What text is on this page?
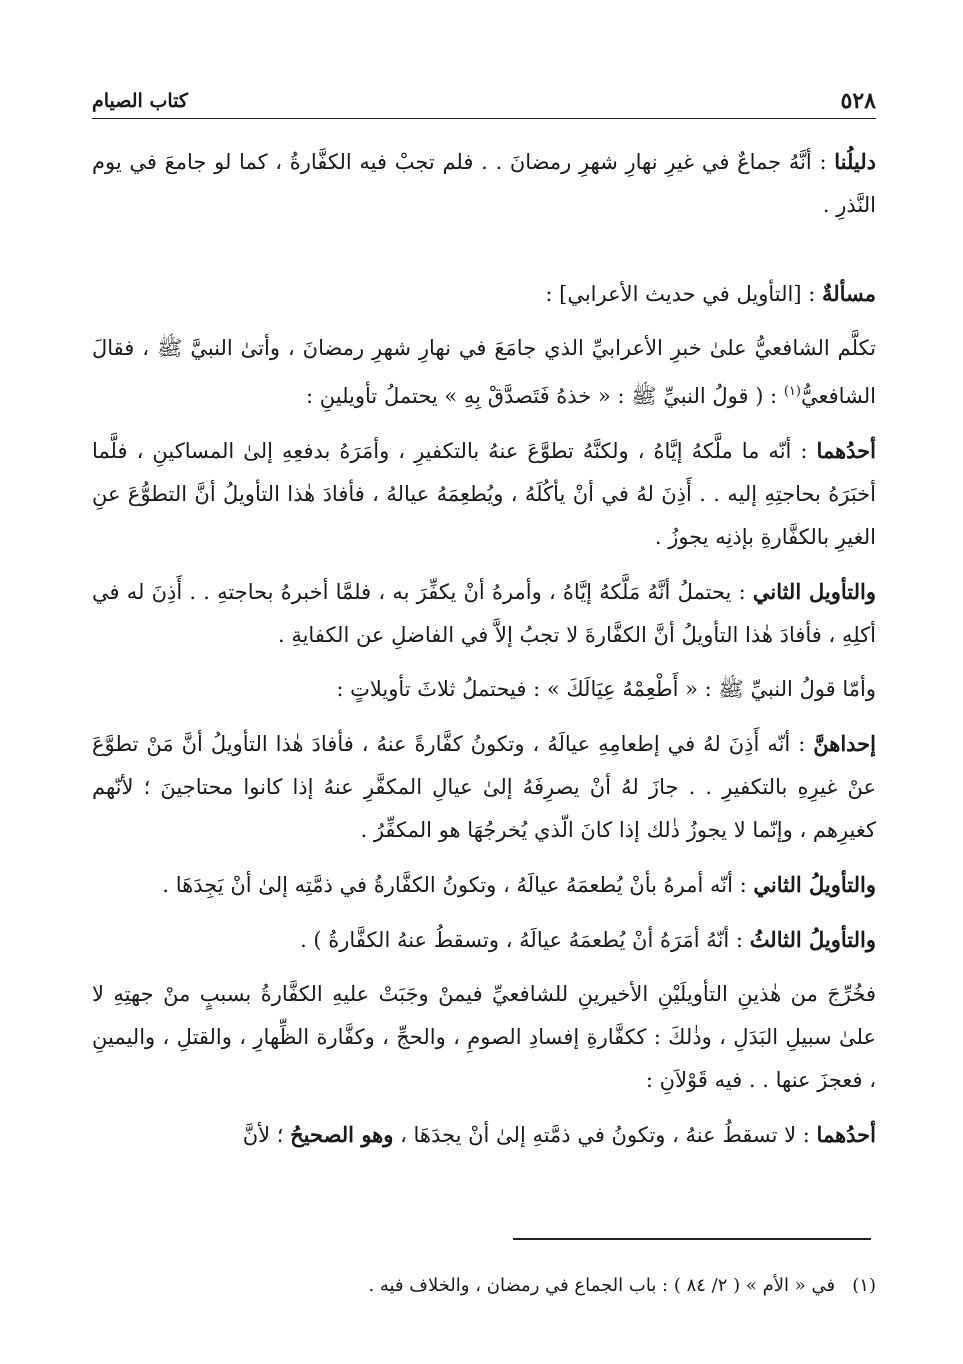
٥٢٨
كتاب الصيام

دليلُنا : أنَّهُ جماعٌ في غيرِ نهارِ شهرِ رمضانَ . . فلم تجبْ فيه الكفَّارةُ ، كما لو جامعَ في يوم النَّذرِ .

مسألةٌ : [التأويل في حديث الأعرابي] :

تكلَّم الشافعيُّ علىٰ خبرِ الأعرابيِّ الذي جامَعَ في نهارِ شهرِ رمضانَ ، وأتىٰ النبيَّ ﷺ ، فقالَ الشافعيُّ$^{(١)}$ : ( قولُ النبيِّ ﷺ : « خذهُ فَتَصدَّقْ بِهِ » يحتملُ تأويلينِ :

أحدُهما : أنّه ما ملَّكهُ إيَّاهُ ، ولكنَّهُ تطوَّعَ عنهُ بالتكفيرِ ، وأمَرَهُ بدفعِهِ إلىٰ المساكينِ ، فلَّما أخبَرَهُ بحاجتِهِ إليه . . أَذِنَ لهُ في أنْ يأكُلَهُ ، ويُطعِمَهُ عيالهُ ، فأفادَ هٰذا التأويلُ أنَّ التطوُّعَ عنِ الغيرِ بالكفَّارةِ بإذنِه يجوزُ .

والتأويل الثاني : يحتملُ أنَّهُ مَلَّكهُ إيَّاهُ ، وأمرهُ أنْ يكفِّرَ به ، فلمَّا أخبرهُ بحاجتهِ . . أَذِنَ له في أكلِهِ ، فأفادَ هٰذا التأويلُ أنَّ الكفَّارةَ لا تجبُ إلاَّ في الفاضلِ عن الكفايةِ .

وأمّا قولُ النبيِّ ﷺ : « أَطْعِمْهُ عِيَالَكَ » : فيحتملُ ثلاثَ تأويلاتٍ :

إحداهنَّ : أنّه أَذِنَ لهُ في إطعامِهِ عيالَهُ ، وتكونُ كفَّارةً عنهُ ، فأفادَ هٰذا التأويلُ أنَّ مَنْ تطوَّعَ عنْ غيرِهِ بالتكفيرِ . . جازَ لهُ أنْ يصرِفَهُ إلىٰ عيالِ المكفَّرِ عنهُ إذا كانوا محتاجينَ ؛ لأنّهم كغيرِهم ، وإنّما لا يجوزُ ذٰلك إذا كانَ الّذي يُخرجُهَا هو المكفِّرُ .

والتأويلُ الثاني : أنّه أمرهُ بأنْ يُطعمَهُ عيالَهُ ، وتكونُ الكفَّارةُ في ذمَّتِه إلىٰ أنْ يَجِدَهَا .

والتأويلُ الثالثُ : أنّهُ أمَرَهُ أنْ يُطعمَهُ عيالَهُ ، وتسقطُ عنهُ الكفَّارةُ ) .

فخُرِّجَ من هٰذينِ التأويلَيْنِ الأخيرينِ للشافعيِّ فيمنْ وجَبَتْ عليهِ الكفَّارةُ بسببٍ منْ جهتِهِ لا علىٰ سبيلِ البَدَلِ ، وذٰلكَ : ككفَّارةِ إفسادِ الصومِ ، والحجِّ ، وكفَّارة الظِّهارِ ، والقتلِ ، واليمينِ ، فعجزَ عنها . . فيه قَوْلاَنِ :

أحدُهما : لا تسقطُ عنهُ ، وتكونُ في ذمَّتهِ إلىٰ أنْ يجدَهَا ، وهو الصحيحُ ؛ لأنَّ

(١)   في « الأم » ( ٢/ ٨٤ ) : باب الجماع في رمضان ، والخلاف فيه .
